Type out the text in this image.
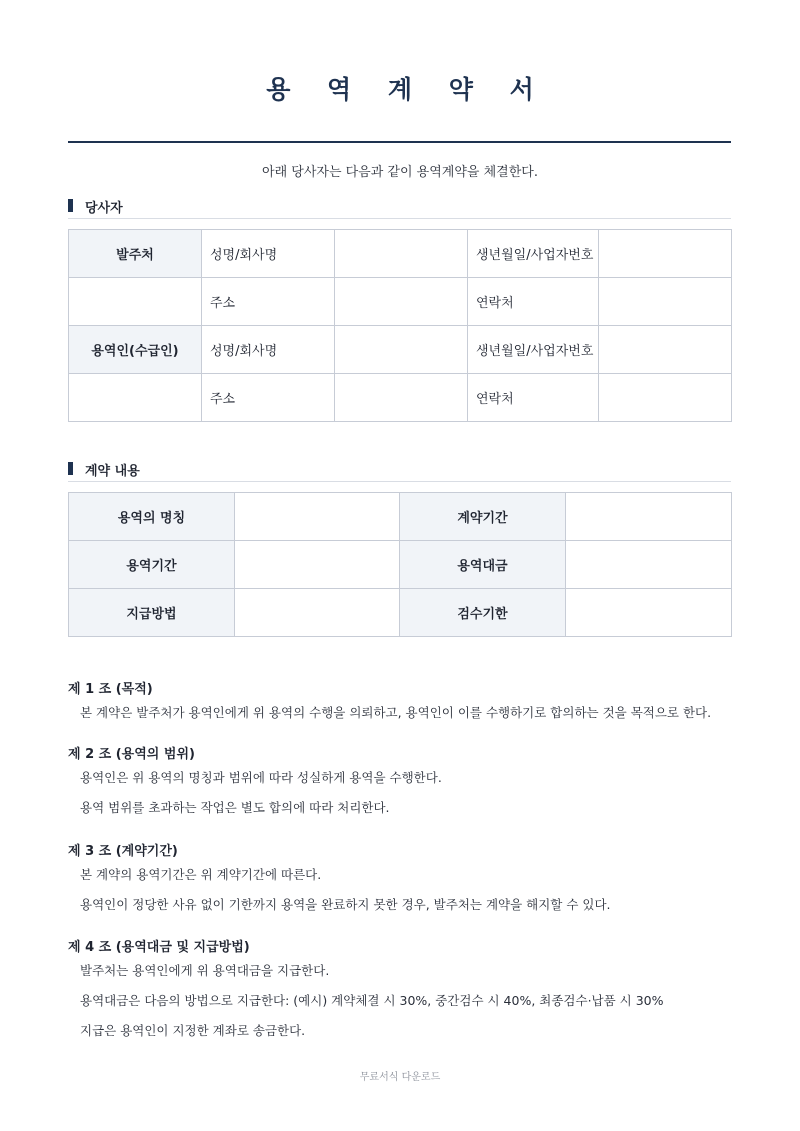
용 역 계 약 서
아래 당사자는 다음과 같이 용역계약을 체결한다.
당사자
발주처	성명/회사명		생년월일/사업자번호	
	주소		연락처	
용역인(수급인)	성명/회사명		생년월일/사업자번호	
	주소		연락처	
계약 내용
용역의 명칭		계약기간	
용역기간		용역대금	
지급방법		검수기한	
제 1 조 (목적)
본 계약은 발주처가 용역인에게 위 용역의 수행을 의뢰하고, 용역인이 이를 수행하기로 합의하는 것을 목적으로 한다.
제 2 조 (용역의 범위)
용역인은 위 용역의 명칭과 범위에 따라 성실하게 용역을 수행한다.
용역 범위를 초과하는 작업은 별도 합의에 따라 처리한다.
제 3 조 (계약기간)
본 계약의 용역기간은 위 계약기간에 따른다.
용역인이 정당한 사유 없이 기한까지 용역을 완료하지 못한 경우, 발주처는 계약을 해지할 수 있다.
제 4 조 (용역대금 및 지급방법)
발주처는 용역인에게 위 용역대금을 지급한다.
용역대금은 다음의 방법으로 지급한다: (예시) 계약체결 시 30%, 중간검수 시 40%, 최종검수·납품 시 30%
지급은 용역인이 지정한 계좌로 송금한다.
무료서식 다운로드
